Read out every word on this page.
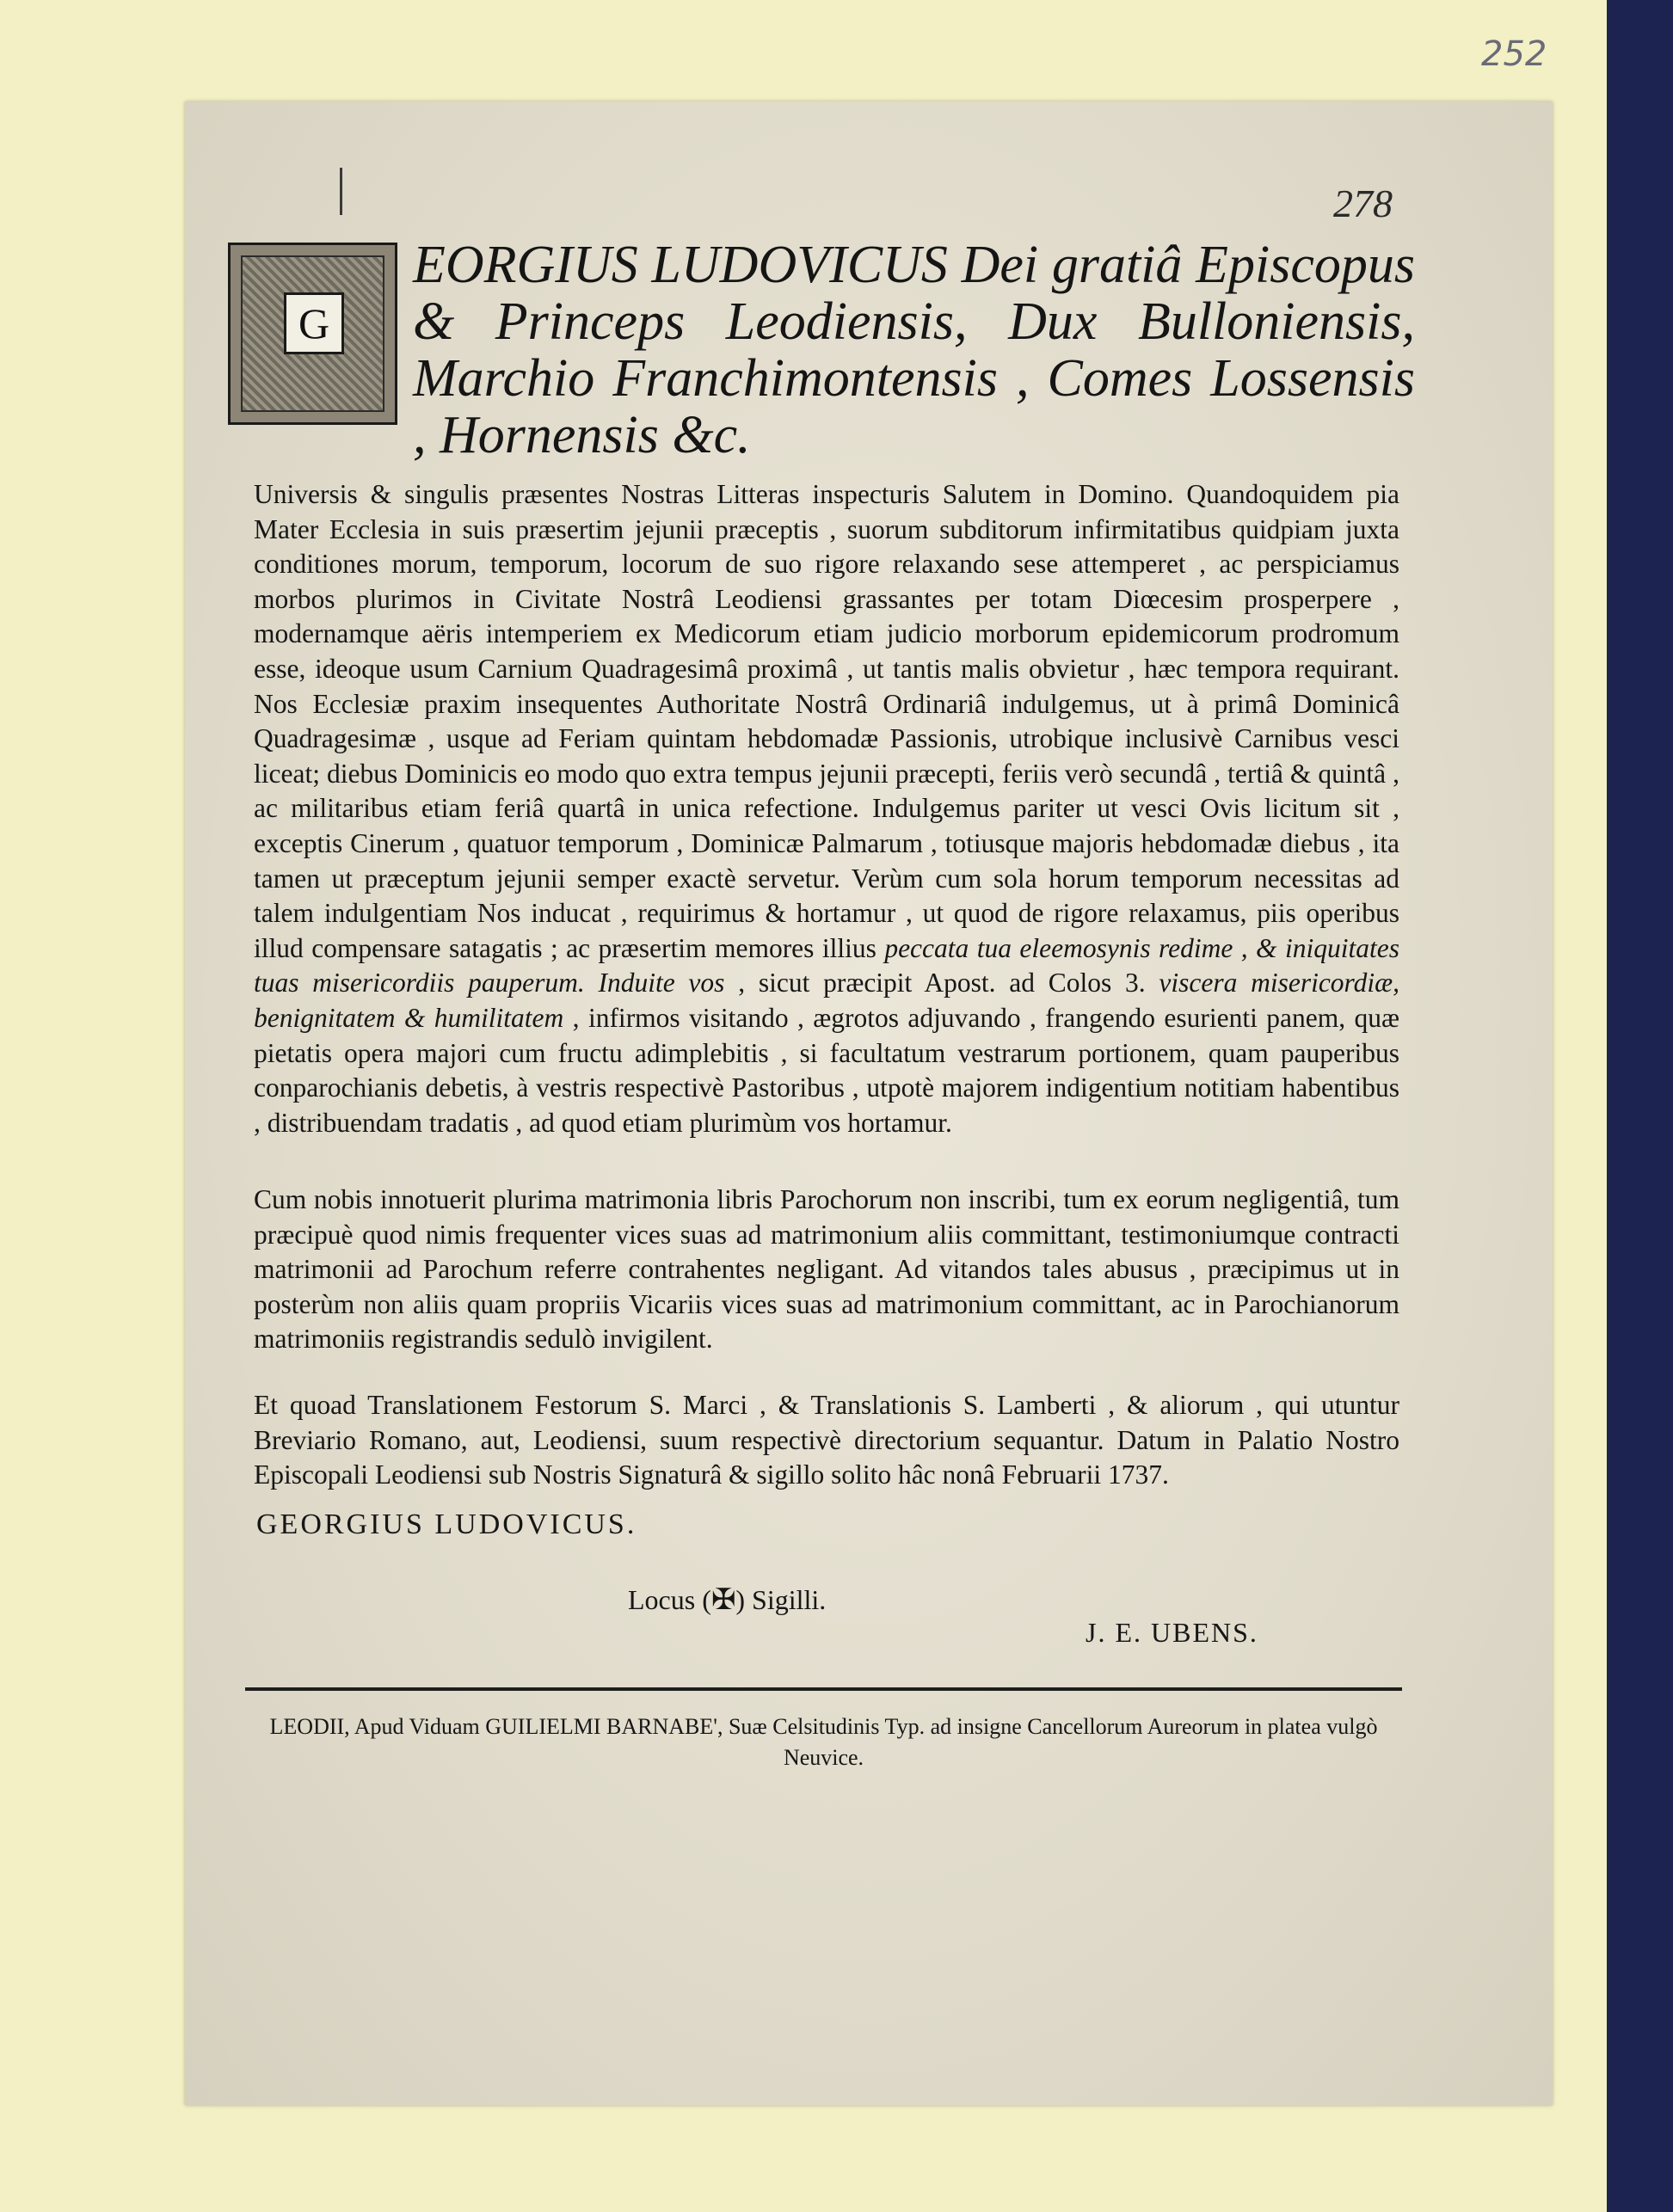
252
278
G
EORGIUS LUDOVICUS Dei gratiâ Episcopus & Princeps Leodiensis, Dux Bulloniensis, Marchio Franchimontensis , Comes Lossensis , Hornensis &c.

Universis & singulis præsentes Nostras Litteras inspecturis Salutem in Domino. Quandoquidem pia Mater Ecclesia in suis præsertim jejunii præceptis , suorum subditorum infirmitatibus quidpiam juxta conditiones morum, temporum, locorum de suo rigore relaxando sese attemperet , ac perspiciamus morbos plurimos in Civitate Nostrâ Leodiensi grassantes per totam Diœcesim prosperpere , modernamque aëris intemperiem ex Medicorum etiam judicio morborum epidemicorum prodromum esse, ideoque usum Carnium Quadragesimâ proximâ , ut tantis malis obvietur , hæc tempora requirant. Nos Ecclesiæ praxim insequentes Authoritate Nostrâ Ordinariâ indulgemus, ut à primâ Dominicâ Quadragesimæ , usque ad Feriam quintam hebdomadæ Passionis, utrobique inclusivè Carnibus vesci liceat; diebus Dominicis eo modo quo extra tempus jejunii præcepti, feriis verò secundâ , tertiâ & quintâ , ac militaribus etiam feriâ quartâ in unica refectione. Indulgemus pariter ut vesci Ovis licitum sit , exceptis Cinerum , quatuor temporum , Dominicæ Palmarum , totiusque majoris hebdomadæ diebus , ita tamen ut præceptum jejunii semper exactè servetur. Verùm cum sola horum temporum necessitas ad talem indulgentiam Nos inducat , requirimus & hortamur , ut quod de rigore relaxamus, piis operibus illud compensare satagatis ; ac præsertim memores illius peccata tua eleemosynis redime , & iniquitates tuas misericordiis pauperum. Induite vos , sicut præcipit Apost. ad Colos 3. viscera misericordiæ, benignitatem & humilitatem , infirmos visitando , ægrotos adjuvando , frangendo esurienti panem, quæ pietatis opera majori cum fructu adimplebitis , si facultatum vestrarum portionem, quam pauperibus conparochianis debetis, à vestris respectivè Pastoribus , utpotè majorem indigentium notitiam habentibus , distribuendam tradatis , ad quod etiam plurimùm vos hortamur.

Cum nobis innotuerit plurima matrimonia libris Parochorum non inscribi, tum ex eorum negligentiâ, tum præcipuè quod nimis frequenter vices suas ad matrimonium aliis committant, testimoniumque contracti matrimonii ad Parochum referre contrahentes negligant. Ad vitandos tales abusus , præcipimus ut in posterùm non aliis quam propriis Vicariis vices suas ad matrimonium committant, ac in Parochianorum matrimoniis registrandis sedulò invigilent.

Et quoad Translationem Festorum S. Marci , & Translationis S. Lamberti , & aliorum , qui utuntur Breviario Romano, aut, Leodiensi, suum respectivè directorium sequantur. Datum in Palatio Nostro Episcopali Leodiensi sub Nostris Signaturâ & sigillo solito hâc nonâ Februarii 1737.

GEORGIUS LUDOVICUS.
Locus (✠) Sigilli.
J. E. UBENS.
LEODII, Apud Viduam GUILIELMI BARNABE', Suæ Celsitudinis Typ. ad insigne Cancellorum Aureorum in platea vulgò Neuvice.
